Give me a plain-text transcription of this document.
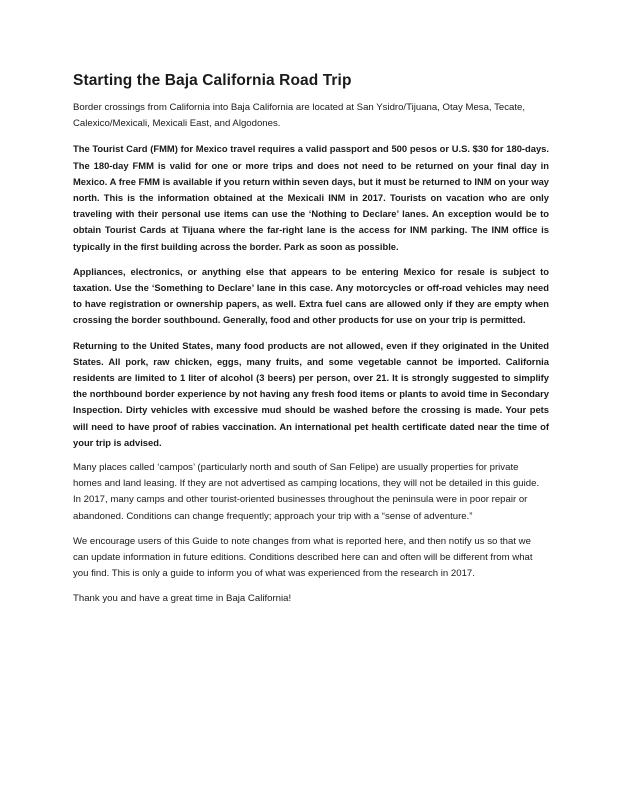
Starting the Baja California Road Trip

Border crossings from California into Baja California are located at San Ysidro/Tijuana, Otay Mesa, Tecate, Calexico/Mexicali, Mexicali East, and Algodones.

The Tourist Card (FMM) for Mexico travel requires a valid passport and 500 pesos or U.S. $30 for 180-days. The 180-day FMM is valid for one or more trips and does not need to be returned on your final day in Mexico. A free FMM is available if you return within seven days, but it must be returned to INM on your way north. This is the information obtained at the Mexicali INM in 2017. Tourists on vacation who are only traveling with their personal use items can use the ‘Nothing to Declare’ lanes. An exception would be to obtain Tourist Cards at Tijuana where the far-right lane is the access for INM parking. The INM office is typically in the first building across the border. Park as soon as possible.

Appliances, electronics, or anything else that appears to be entering Mexico for resale is subject to taxation. Use the ‘Something to Declare’ lane in this case. Any motorcycles or off-road vehicles may need to have registration or ownership papers, as well. Extra fuel cans are allowed only if they are empty when crossing the border southbound. Generally, food and other products for use on your trip is permitted.

Returning to the United States, many food products are not allowed, even if they originated in the United States. All pork, raw chicken, eggs, many fruits, and some vegetable cannot be imported. California residents are limited to 1 liter of alcohol (3 beers) per person, over 21. It is strongly suggested to simplify the northbound border experience by not having any fresh food items or plants to avoid time in Secondary Inspection. Dirty vehicles with excessive mud should be washed before the crossing is made. Your pets will need to have proof of rabies vaccination. An international pet health certificate dated near the time of your trip is advised.

Many places called ‘campos’ (particularly north and south of San Felipe) are usually properties for private homes and land leasing. If they are not advertised as camping locations, they will not be detailed in this guide. In 2017, many camps and other tourist-oriented businesses throughout the peninsula were in poor repair or abandoned. Conditions can change frequently; approach your trip with a “sense of adventure.”

We encourage users of this Guide to note changes from what is reported here, and then notify us so that we can update information in future editions. Conditions described here can and often will be different from what you find. This is only a guide to inform you of what was experienced from the research in 2017.

Thank you and have a great time in Baja California!
